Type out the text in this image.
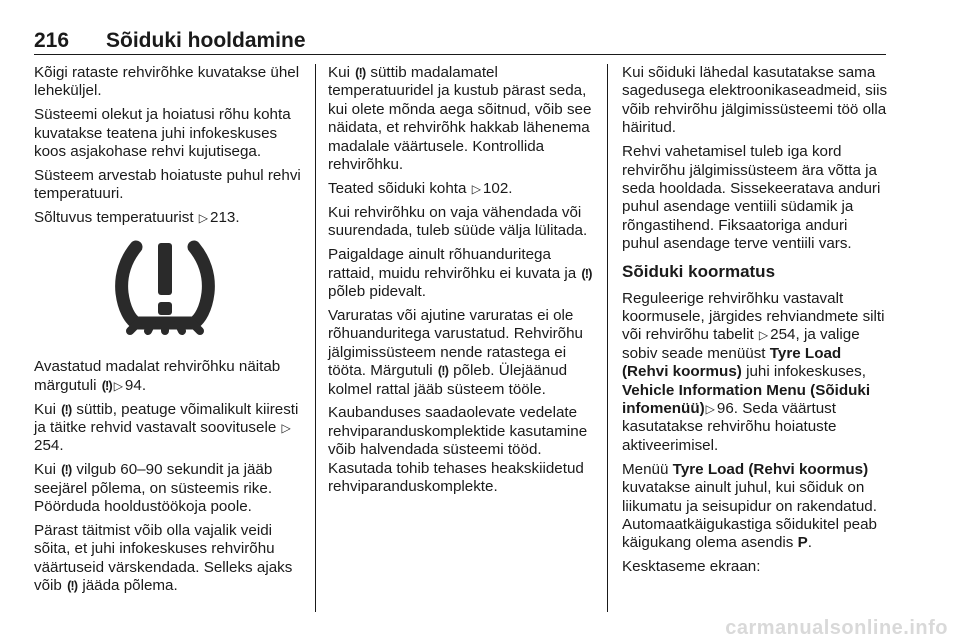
216 Sõiduki hooldamine

Kõigi rataste rehvirõhke kuvatakse ühel leheküljel.

Süsteemi olekut ja hoiatusi rõhu kohta kuvatakse teatena juhi infokeskuses koos asjakohase rehvi kujutisega.

Süsteem arvestab hoiatuste puhul rehvi temperatuuri.

Sõltuvus temperatuurist ▷ 213.

Avastatud madalat rehvirõhku näitab märgutuli (!) ▷ 94.

Kui (!) süttib, peatuge võimalikult kiiresti ja täitke rehvid vastavalt soovitusele ▷254.

Kui (!) vilgub 60–90 sekundit ja jääb seejärel põlema, on süsteemis rike. Pöörduda hooldustöökoja poole.

Pärast täitmist võib olla vajalik veidi sõita, et juhi infokeskuses rehvirõhu väärtuseid värskendada. Selleks ajaks võib (!) jääda põlema.

Kui (!) süttib madalamatel temperatuuridel ja kustub pärast seda, kui olete mõnda aega sõitnud, võib see näidata, et rehvirõhk hakkab lähenema madalale väärtusele. Kontrollida rehvirõhku.

Teated sõiduki kohta ▷ 102.

Kui rehvirõhku on vaja vähendada või suurendada, tuleb süüde välja lülitada.

Paigaldage ainult rõhuanduritega rattaid, muidu rehvirõhku ei kuvata ja (!) põleb pidevalt.

Varuratas või ajutine varuratas ei ole rõhuanduritega varustatud. Rehvirõhu jälgimissüsteem nende ratastega ei tööta. Märgutuli (!) põleb. Ülejäänud kolmel rattal jääb süsteem tööle.

Kaubanduses saadaolevate vedelate rehviparanduskomplektide kasutamine võib halvendada süsteemi tööd. Kasutada tohib tehases heakskiidetud rehviparanduskomplekte.

Kui sõiduki lähedal kasutatakse sama sagedusega elektroonikaseadmeid, siis võib rehvirõhu jälgimissüsteemi töö olla häiritud.

Rehvi vahetamisel tuleb iga kord rehvirõhu jälgimissüsteem ära võtta ja seda hooldada. Sissekeeratava anduri puhul asendage ventiili südamik ja rõngastihend. Fiksaatoriga anduri puhul asendage terve ventiili vars.

Sõiduki koormatus

Reguleerige rehvirõhku vastavalt koormusele, järgides rehviandmete silti või rehvirõhu tabelit ▷ 254, ja valige sobiv seade menüüst Tyre Load (Rehvi koormus) juhi infokeskuses, Vehicle Information Menu (Sõiduki infomenüü)▷ 96. Seda väärtust kasutatakse rehvirõhu hoiatuste aktiveerimisel.

Menüü Tyre Load (Rehvi koormus) kuvatakse ainult juhul, kui sõiduk on liikumatu ja seisupidur on rakendatud. Automaatkäigukastiga sõidukitel peab käigukang olema asendis P.

Kesktaseme ekraan:

carmanualsonline.info
